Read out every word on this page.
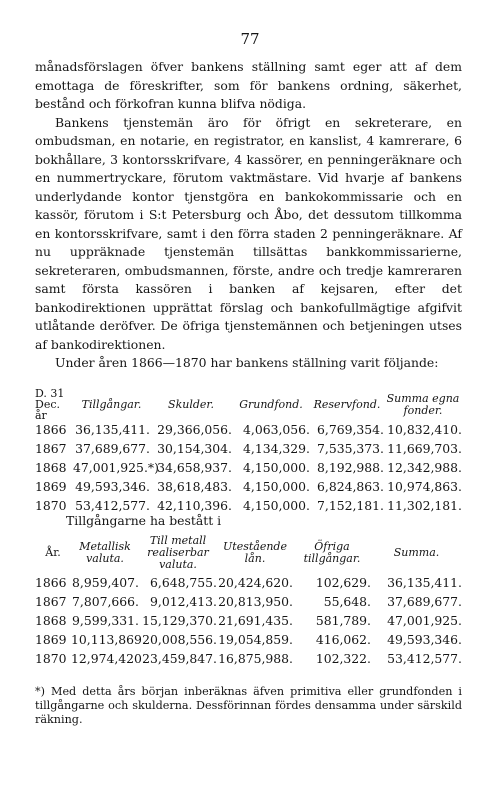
77

månadsförslagen öfver bankens ställning samt eger att af dem emottaga de föreskrifter, som för bankens ordning, säkerhet, bestånd och förkofran kunna blifva nödiga.

Bankens tjenstemän äro för öfrigt en sekreterare, en ombudsman, en notarie, en registrator, en kanslist, 4 kamrerare, 6 bokhållare, 3 kontorsskrifvare, 4 kassörer, en penningeräknare och en nummertryckare, förutom vaktmästare. Vid hvarje af bankens underlydande kontor tjenstgöra en bankokommissarie och en kassör, förutom i S:t Petersburg och Åbo, det dessutom tillkomma en kontorsskrifvare, samt i den förra staden 2 penningeräknare. Af nu uppräknade tjenstemän tillsättas bankkommissarierne, sekreteraren, ombudsmannen, förste, andre och tredje kamreraren samt första kassören i banken af kejsaren, efter det bankodirektionen upprättat förslag och bankofullmägtige afgifvit utlåtande deröfver. De öfriga tjenstemännen och betjeningen utses af bankodirektionen.

Under åren 1866—1870 har bankens ställning varit följande:

D. 31
Dec.
år	Tillgångar.	Skulder.	Grundfond.	Reservfond.	Summa egna fonder.
1866	36,135,411.	29,366,056.	4,063,056.	6,769,354.	10,832,410.
1867	37,689,677.	30,154,304.	4,134,329.	7,535,373.	11,669,703.
1868	47,001,925.*)	34,658,937.	4,150,000.	8,192,988.	12,342,988.
1869	49,593,346.	38,618,483.	4,150,000.	6,824,863.	10,974,863.
1870	53,412,577.	42,110,396.	4,150,000.	7,152,181.	11,302,181.
Tillgångarne ha bestått i
År.	Metallisk valuta.	Till metall realiserbar valuta.	Utestående lån.	Öfriga tillgångar.	Summa.
1866	8,959,407.	6,648,755.	20,424,620.	102,629.	36,135,411.
1867	7,807,666.	9,012,413.	20,813,950.	55,648.	37,689,677.
1868	9,599,331.	15,129,370.	21,691,435.	581,789.	47,001,925.
1869	10,113,869.	20,008,556.	19,054,859.	416,062.	49,593,346.
1870	12,974,420.	23,459,847.	16,875,988.	102,322.	53,412,577.
*) Med detta års början inberäknas äfven primitiva eller grundfonden i tillgångarne och skulderna. Dessförinnan fördes densamma under särskild räkning.
